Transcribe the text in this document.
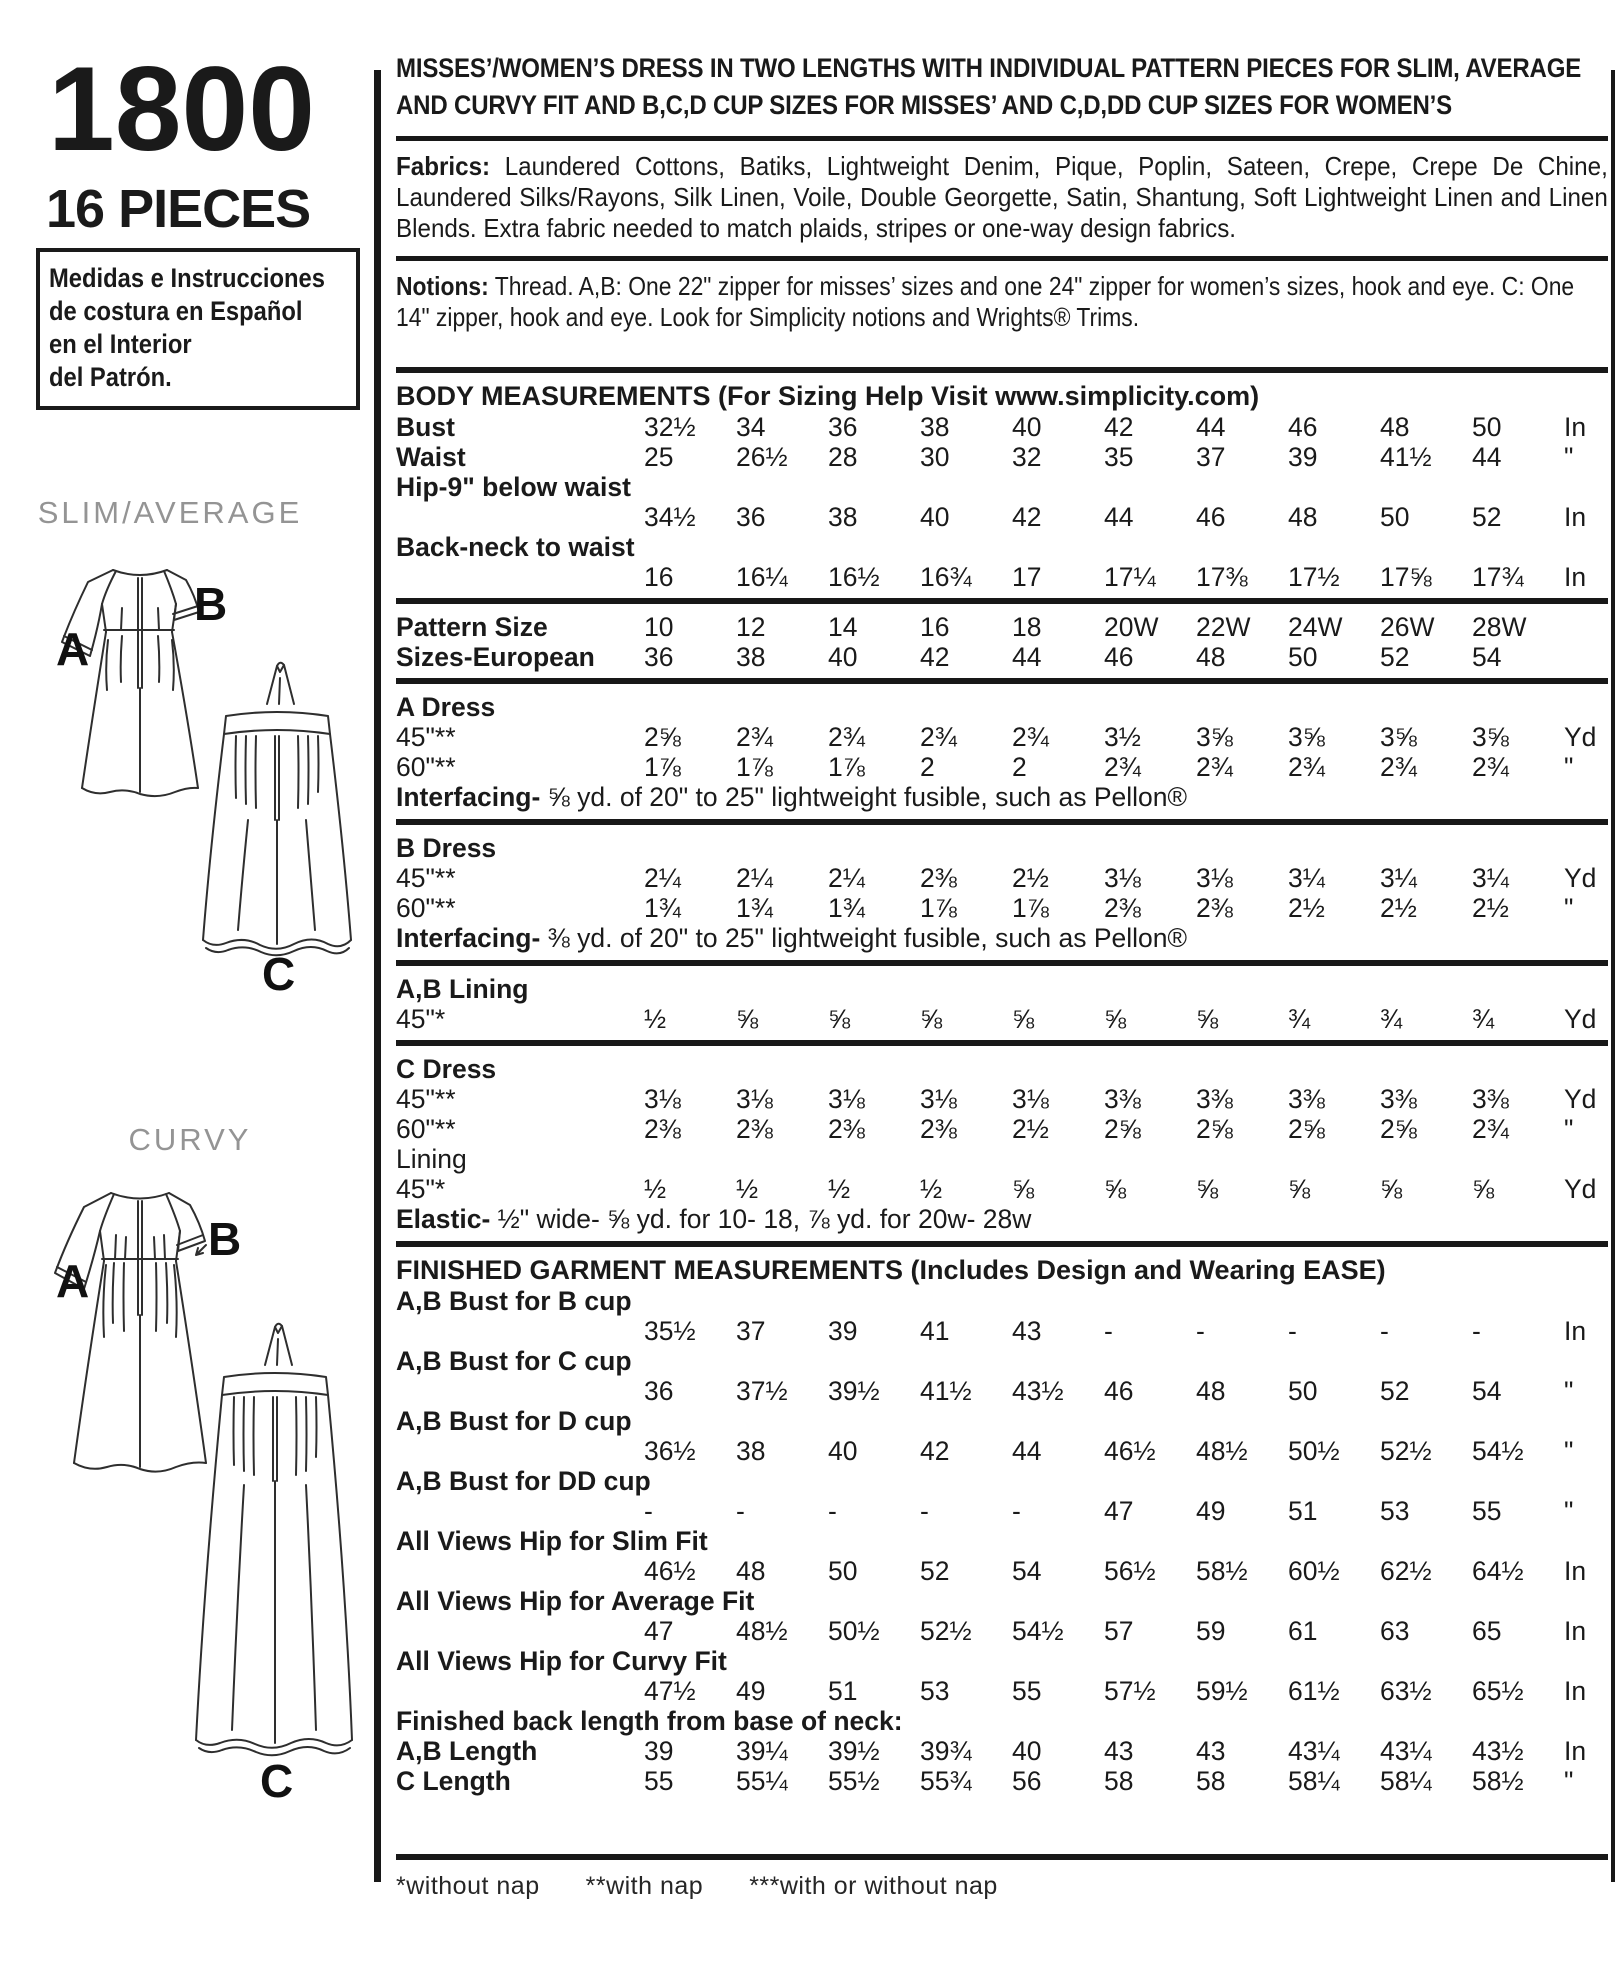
1800
16 PIECES
Medidas e Instrucciones
de costura en Español
en el Interior
del Patrón.
SLIM/AVERAGE
A
B
C
CURVY
A
B
C
MISSES’/WOMEN’S DRESS IN TWO LENGTHS WITH INDIVIDUAL PATTERN PIECES FOR SLIM, AVERAGE AND CURVY FIT AND B,C,D CUP SIZES FOR MISSES’ AND C,D,DD CUP SIZES FOR WOMEN’S
Fabrics: Laundered Cottons, Batiks, Lightweight Denim, Pique, Poplin, Sateen, Crepe, Crepe De Chine, Laundered Silks/Rayons, Silk Linen, Voile, Double Georgette, Satin, Shantung, Soft Lightweight Linen and Linen Blends. Extra fabric needed to match plaids, stripes or one-way design fabrics.
Notions: Thread. A,B: One 22" zipper for misses’ sizes and one 24" zipper for women’s sizes, hook and eye. C: One 14" zipper, hook and eye. Look for Simplicity notions and Wrights® Trims.
BODY MEASUREMENTS (For Sizing Help Visit www.simplicity.com)
Bust	32½	34	36	38	40	42	44	46	48	50	In
Waist	25	26½	28	30	32	35	37	39	41½	44	"
Hip-9" below waist
34½	36	38	40	42	44	46	48	50	52	In
Back-neck to waist
16	16¼	16½	16¾	17	17¼	17⅜	17½	17⅝	17¾	In
Pattern Size	10	12	14	16	18	20W	22W	24W	26W	28W
Sizes-European	36	38	40	42	44	46	48	50	52	54
A Dress
45"**	2⅝	2¾	2¾	2¾	2¾	3½	3⅝	3⅝	3⅝	3⅝	Yd
60"**	1⅞	1⅞	1⅞	2	2	2¾	2¾	2¾	2¾	2¾	"
Interfacing- ⅝ yd. of 20" to 25" lightweight fusible, such as Pellon®
B Dress
45"**	2¼	2¼	2¼	2⅜	2½	3⅛	3⅛	3¼	3¼	3¼	Yd
60"**	1¾	1¾	1¾	1⅞	1⅞	2⅜	2⅜	2½	2½	2½	"
Interfacing- ⅜ yd. of 20" to 25" lightweight fusible, such as Pellon®
A,B Lining
45"*	½	⅝	⅝	⅝	⅝	⅝	⅝	¾	¾	¾	Yd
C Dress
45"**	3⅛	3⅛	3⅛	3⅛	3⅛	3⅜	3⅜	3⅜	3⅜	3⅜	Yd
60"**	2⅜	2⅜	2⅜	2⅜	2½	2⅝	2⅝	2⅝	2⅝	2¾	"
Lining
45"*	½	½	½	½	⅝	⅝	⅝	⅝	⅝	⅝	Yd
Elastic- ½" wide- ⅝ yd. for 10- 18, ⅞ yd. for 20w- 28w
FINISHED GARMENT MEASUREMENTS (Includes Design and Wearing EASE)
A,B Bust for B cup
35½	37	39	41	43	-	-	-	-	-	In
A,B Bust for C cup
36	37½	39½	41½	43½	46	48	50	52	54	"
A,B Bust for D cup
36½	38	40	42	44	46½	48½	50½	52½	54½	"
A,B Bust for DD cup
-	-	-	-	-	47	49	51	53	55	"
All Views Hip for Slim Fit
46½	48	50	52	54	56½	58½	60½	62½	64½	In
All Views Hip for Average Fit
47	48½	50½	52½	54½	57	59	61	63	65	In
All Views Hip for Curvy Fit
47½	49	51	53	55	57½	59½	61½	63½	65½	In
Finished back length from base of neck:
A,B Length	39	39¼	39½	39¾	40	43	43	43¼	43¼	43½	In
C Length	55	55¼	55½	55¾	56	58	58	58¼	58¼	58½	"
*without nap **with nap ***with or without nap
